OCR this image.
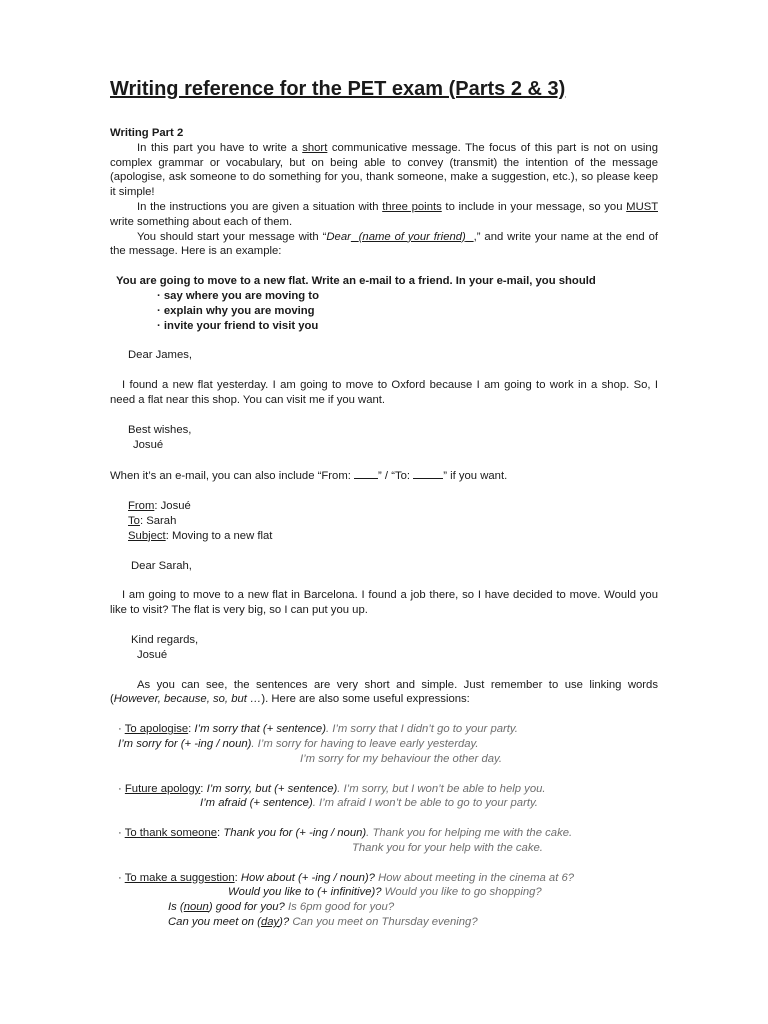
Writing reference for the PET exam (Parts 2 & 3)

Writing Part 2

In this part you have to write a short communicative message. The focus of this part is not on using complex grammar or vocabulary, but on being able to convey (transmit) the intention of the message (apologise, ask someone to do something for you, thank someone, make a suggestion, etc.), so please keep it simple!

In the instructions you are given a situation with three points to include in your message, so you MUST write something about each of them.

You should start your message with “Dear (name of your friend) ,” and write your name at the end of the message. Here is an example:

You are going to move to a new flat. Write an e-mail to a friend. In your e-mail, you should

· say where you are moving to

· explain why you are moving

· invite your friend to visit you

Dear James,

I found a new flat yesterday. I am going to move to Oxford because I am going to work in a shop. So, I need a flat near this shop. You can visit me if you want.

Best wishes,

Josué

When it’s an e-mail, you can also include “From: ” / “To:	” if you want.

From: Josué

To: Sarah

Subject: Moving to a new flat

Dear Sarah,

I am going to move to a new flat in Barcelona. I found a job there, so I have decided to move. Would you like to visit? The flat is very big, so I can put you up.

Kind regards,

Josué

As you can see, the sentences are very short and simple. Just remember to use linking words (However, because, so, but …). Here are also some useful expressions:

· To apologise: I’m sorry that (+ sentence). I’m sorry that I didn’t go to your party.

I’m sorry for (+ -ing / noun). I’m sorry for having to leave early yesterday.

I’m sorry for my behaviour the other day.

· Future apology: I’m sorry, but (+ sentence). I’m sorry, but I won’t be able to help you.

I’m afraid (+ sentence). I’m afraid I won’t be able to go to your party.

· To thank someone: Thank you for (+ -ing / noun). Thank you for helping me with the cake.

Thank you for your help with the cake.

· To make a suggestion: How about (+ -ing / noun)? How about meeting in the cinema at 6?

Would you like to (+ infinitive)? Would you like to go shopping?

Is (noun) good for you? Is 6pm good for you?

Can you meet on (day)? Can you meet on Thursday evening?
